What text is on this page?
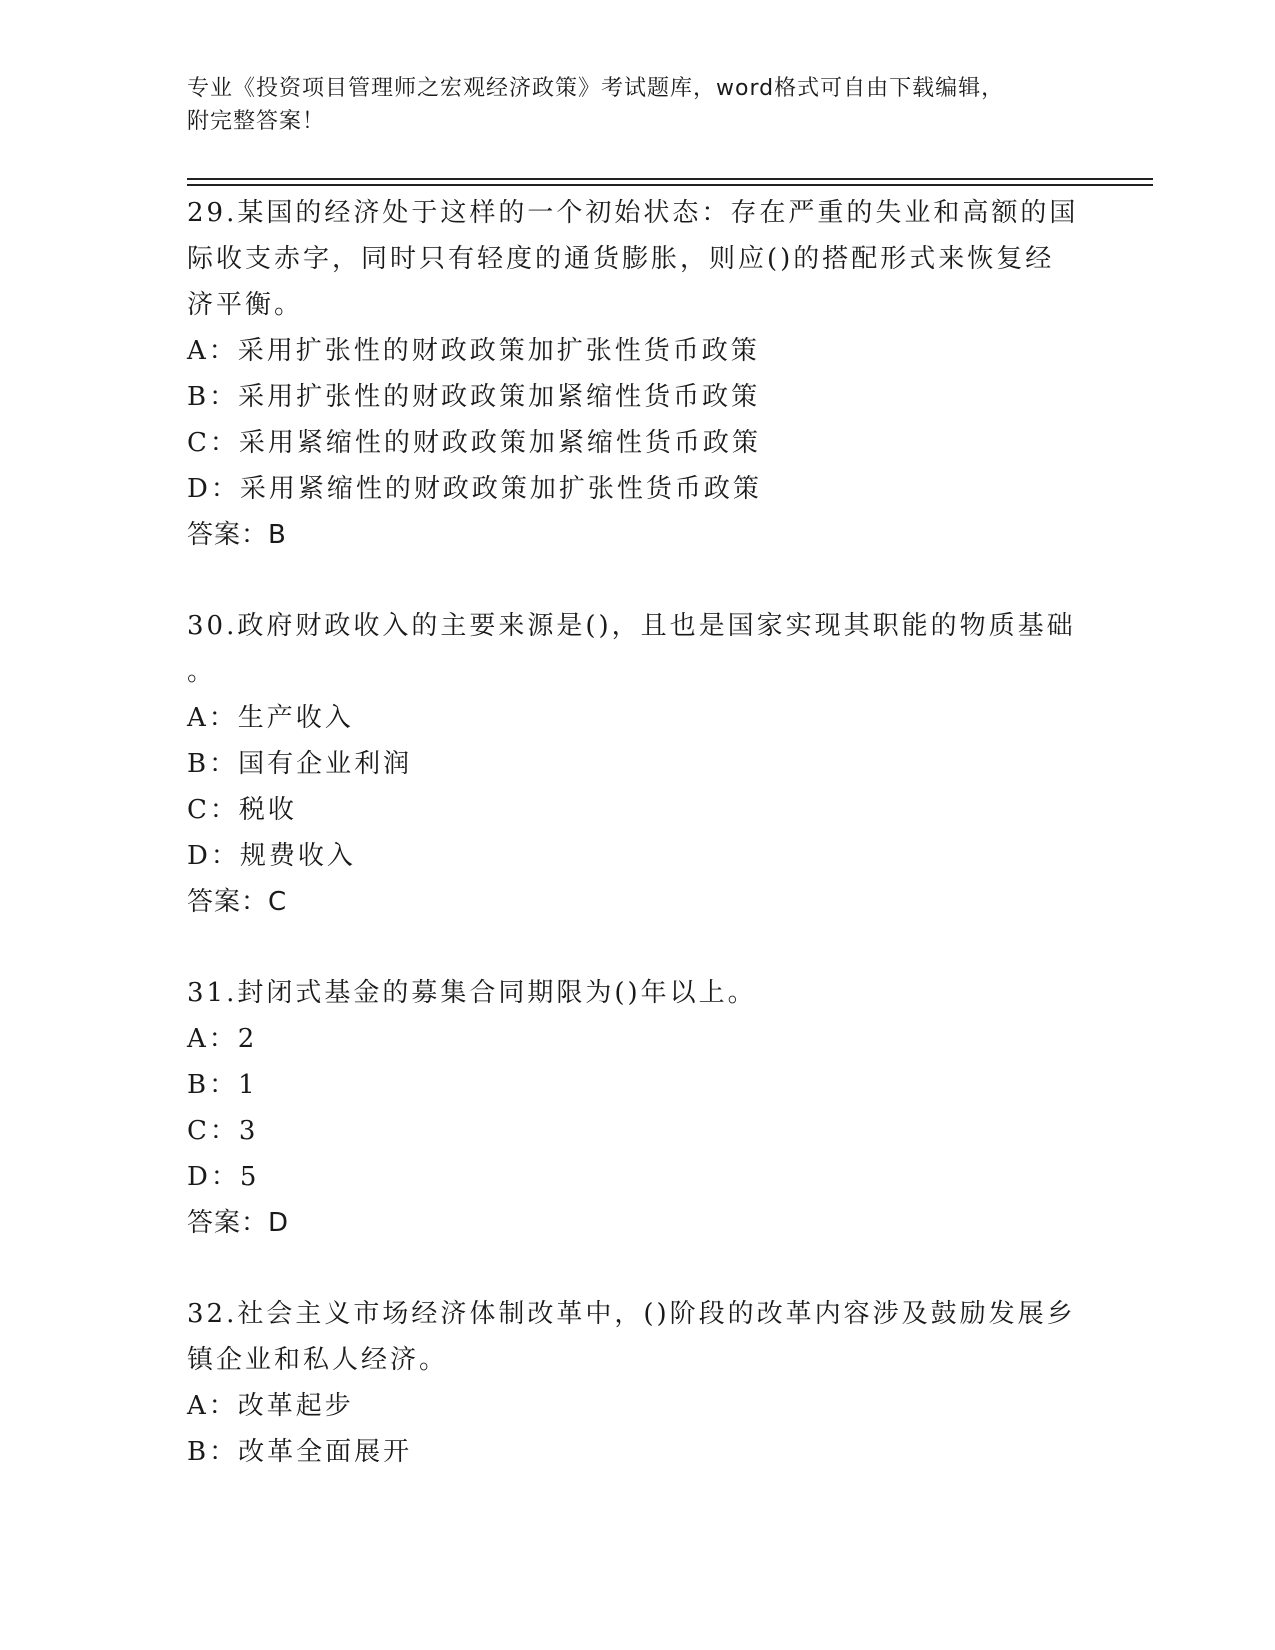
专业《投资项目管理师之宏观经济政策》考试题库，word格式可自由下载编辑，
附完整答案！

29.某国的经济处于这样的一个初始状态：存在严重的失业和高额的国

际收支赤字，同时只有轻度的通货膨胀，则应()的搭配形式来恢复经

济平衡。

A：采用扩张性的财政政策加扩张性货币政策

B：采用扩张性的财政政策加紧缩性货币政策

C：采用紧缩性的财政政策加紧缩性货币政策

D：采用紧缩性的财政政策加扩张性货币政策

答案：B

30.政府财政收入的主要来源是()，且也是国家实现其职能的物质基础

。

A：生产收入

B：国有企业利润

C：税收

D：规费收入

答案：C

31.封闭式基金的募集合同期限为()年以上。

A：2

B：1

C：3

D：5

答案：D

32.社会主义市场经济体制改革中，()阶段的改革内容涉及鼓励发展乡

镇企业和私人经济。

A：改革起步

B：改革全面展开
